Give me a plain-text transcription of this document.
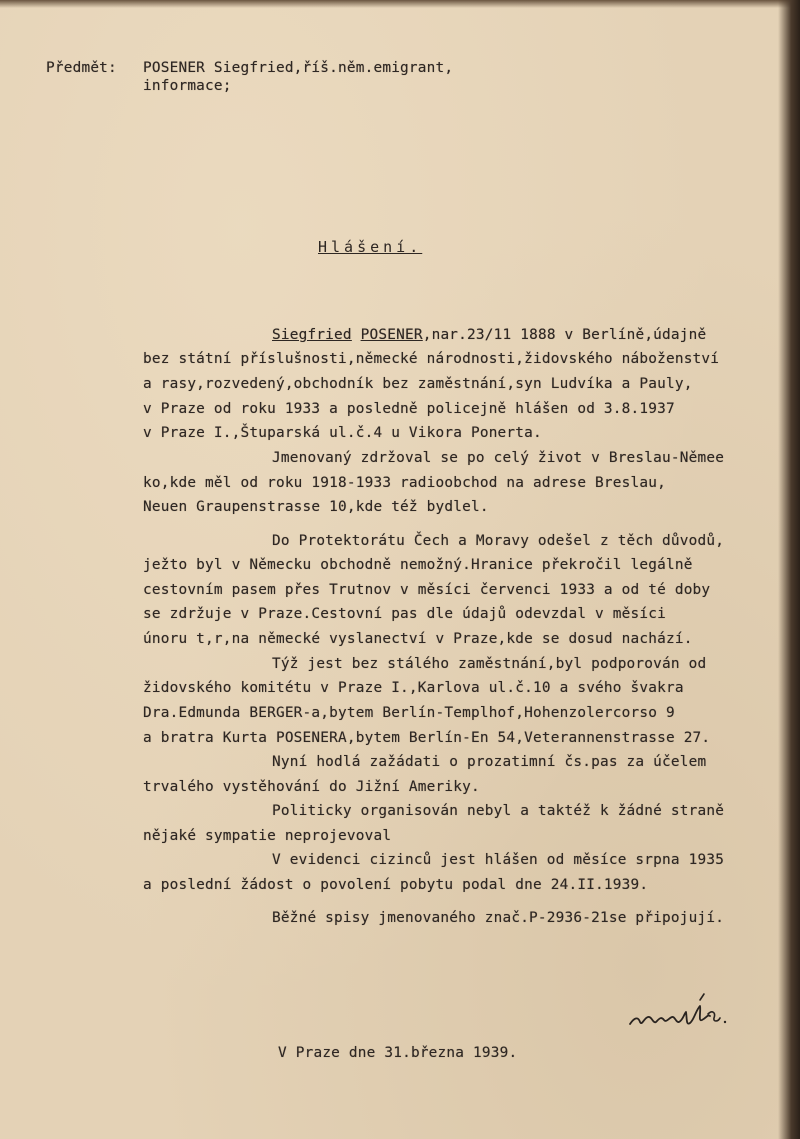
Předmět: POSENER Siegfried,říš.něm.emigrant,
informace;
Hlášení.
Siegfried POSENER,nar.23/11 1888 v Berlíně,údajně
bez státní příslušnosti,německé národnosti,židovského náboženství
a rasy,rozvedený,obchodník bez zaměstnání,syn Ludvíka a Pauly,
v Praze od roku 1933 a posledně policejně hlášen od 3.8.1937
v Praze I.,Štuparská ul.č.4 u Vikora Ponerta.
Jmenovaný zdržoval se po celý život v Breslau-Němee
ko,kde měl od roku 1918-1933 radioobchod na adrese Breslau,
Neuen Graupenstrasse 10,kde též bydlel.
Do Protektorátu Čech a Moravy odešel z těch důvodů,
ježto byl v Německu obchodně nemožný.Hranice překročil legálně
cestovním pasem přes Trutnov v měsíci červenci 1933 a od té doby
se zdržuje v Praze.Cestovní pas dle údajů odevzdal v měsíci
únoru t,r,na německé vyslanectví v Praze,kde se dosud nachází.
Týž jest bez stálého zaměstnání,byl podporován od
židovského komitétu v Praze I.,Karlova ul.č.10 a svého švakra
Dra.Edmunda BERGER-a,bytem Berlín-Templhof,Hohenzolercorso 9
a bratra Kurta POSENERA,bytem Berlín-En 54,Veterannenstrasse 27.
Nyní hodlá zažádati o prozatimní čs.pas za účelem
trvalého vystěhování do Jižní Ameriky.
Politicky organisován nebyl a taktéž k žádné straně
nějaké sympatie neprojevoval
V evidenci cizinců jest hlášen od měsíce srpna 1935
a poslední žádost o povolení pobytu podal dne 24.II.1939.
Běžné spisy jmenovaného znač.P-2936-21se připojují.
V Praze dne 31.března 1939.
